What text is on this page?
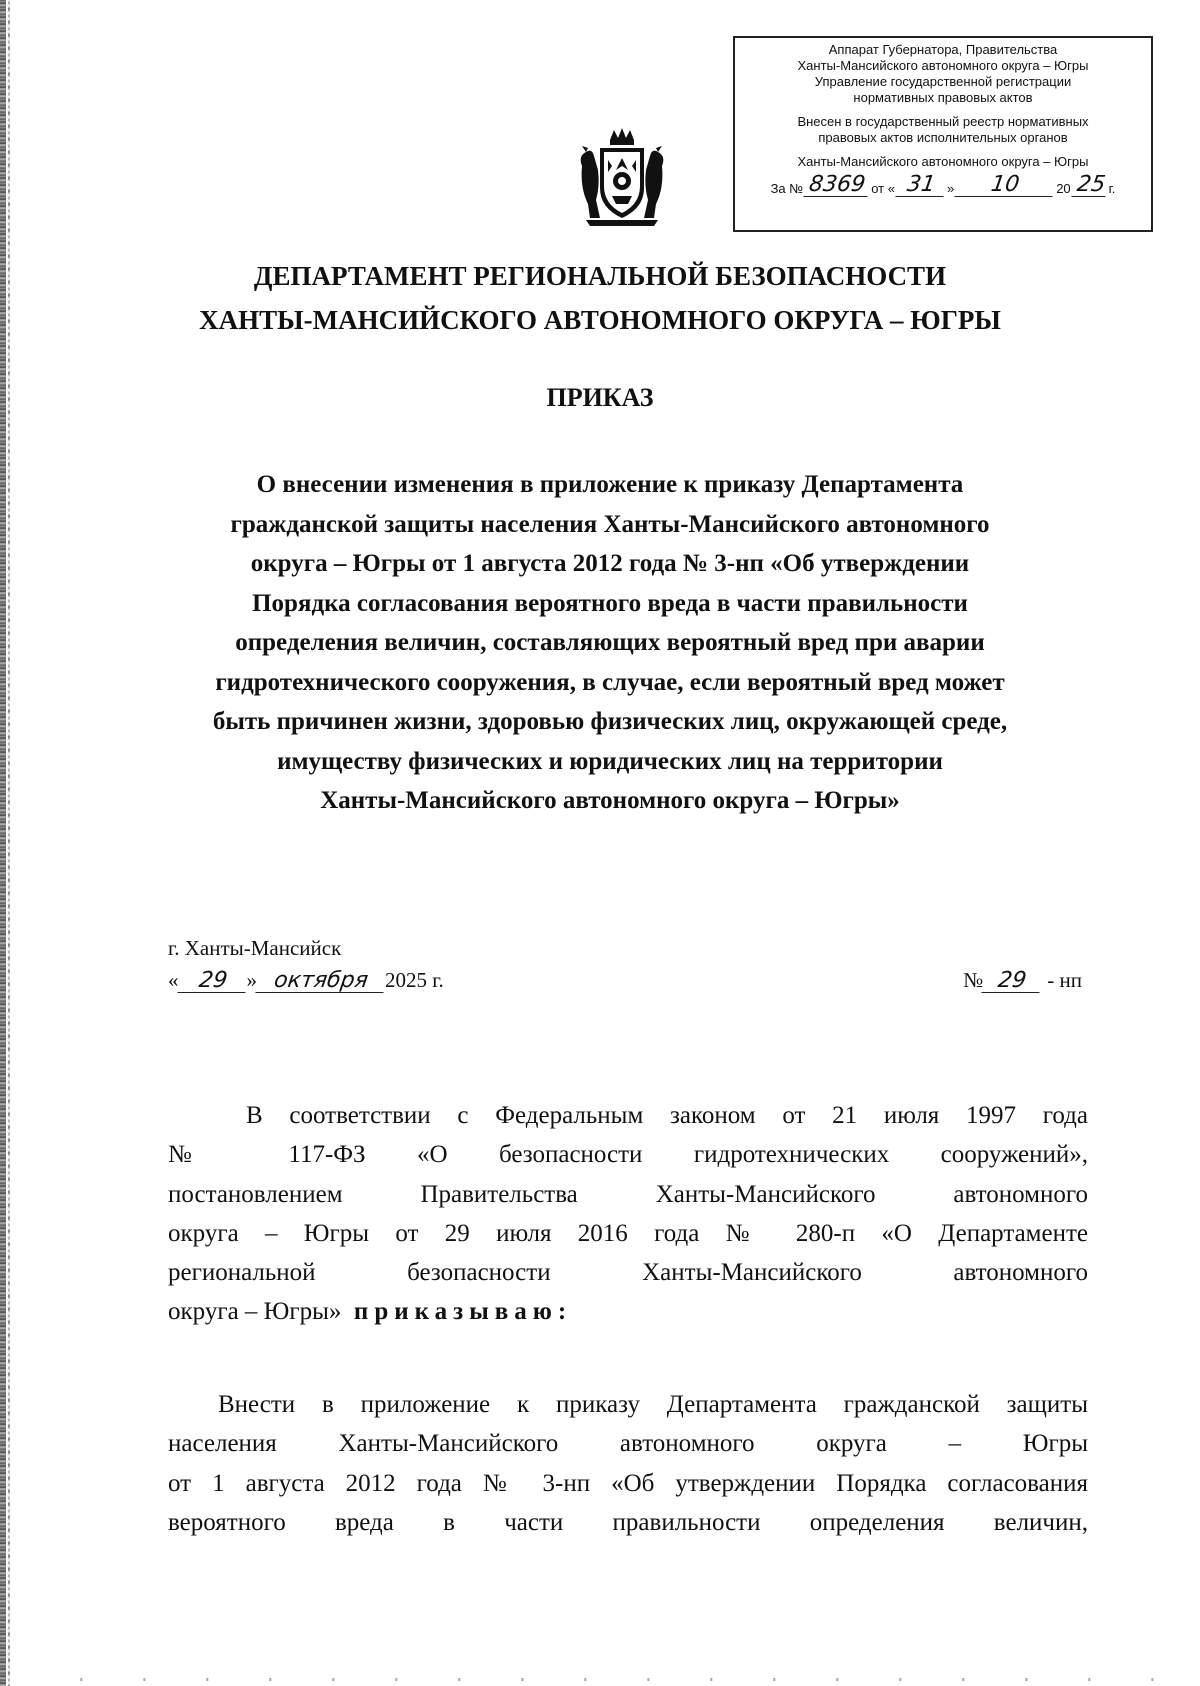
Аппарат Губернатора, Правительства
Ханты-Мансийского автономного округа – Югры
Управление государственной регистрации
нормативных правовых актов
Внесен в государственный реестр нормативных
правовых актов исполнительных органов
Ханты-Мансийского автономного округа – Югры
За № 8369 от « 31 »	10	20 25 г.
ДЕПАРТАМЕНТ РЕГИОНАЛЬНОЙ БЕЗОПАСНОСТИ
ХАНТЫ-МАНСИЙСКОГО АВТОНОМНОГО ОКРУГА – ЮГРЫ
ПРИКАЗ
О внесении изменения в приложение к приказу Департамента
гражданской защиты населения Ханты-Мансийского автономного
округа – Югры от 1 августа 2012 года № 3-нп «Об утверждении
Порядка согласования вероятного вреда в части правильности
определения величин, составляющих вероятный вред при аварии
гидротехнического сооружения, в случае, если вероятный вред может
быть причинен жизни, здоровью физических лиц, окружающей среде,
имуществу физических и юридических лиц на территории
Ханты-Мансийского автономного округа – Югры»
г. Ханты-Мансийск
« 29 » октября 2025 г.	№ 29 - нп
В соответствии с Федеральным законом от 21 июля 1997 года
№ 117-ФЗ «О безопасности гидротехнических сооружений»,
постановлением Правительства Ханты-Мансийского автономного
округа – Югры от 29 июля 2016 года № 280-п «О Департаменте
региональной безопасности Ханты-Мансийского автономного
округа – Югры» приказываю:
Внести в приложение к приказу Департамента гражданской защиты
населения Ханты-Мансийского автономного округа – Югры
от 1 августа 2012 года № 3-нп «Об утверждении Порядка согласования
вероятного вреда в части правильности определения величин,
